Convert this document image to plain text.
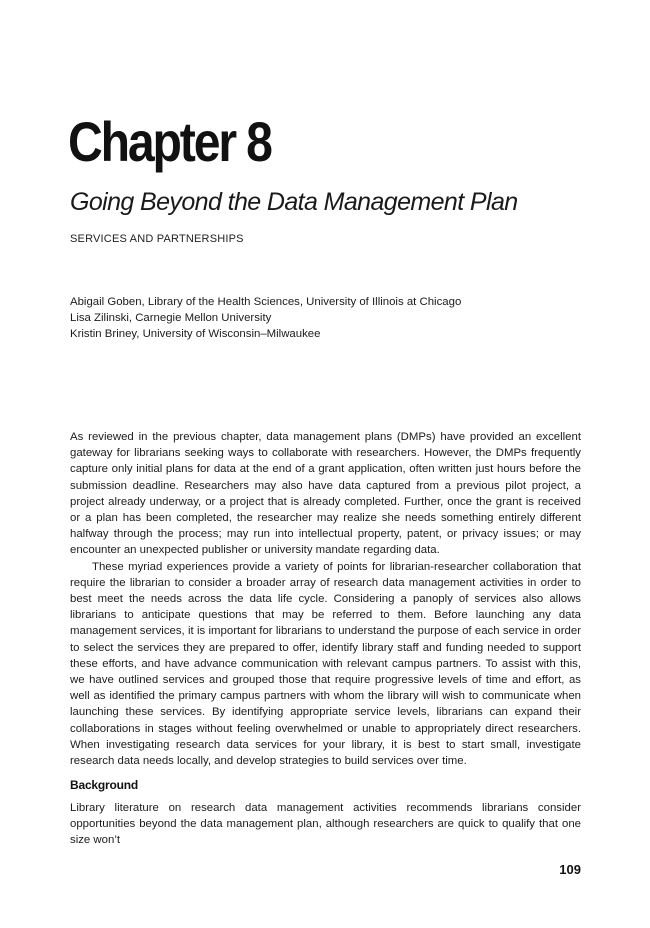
Chapter 8
Going Beyond the Data Management Plan
SERVICES AND PARTNERSHIPS
Abigail Goben, Library of the Health Sciences, University of Illinois at Chicago
Lisa Zilinski, Carnegie Mellon University
Kristin Briney, University of Wisconsin–Milwaukee

As reviewed in the previous chapter, data management plans (DMPs) have provided an excellent gateway for librarians seeking ways to collaborate with researchers. However, the DMPs frequently capture only initial plans for data at the end of a grant application, often written just hours before the submission deadline. Researchers may also have data captured from a previous pilot project, a project already underway, or a project that is already completed. Further, once the grant is received or a plan has been completed, the researcher may realize she needs something entirely different halfway through the process; may run into intellectual property, patent, or privacy issues; or may encounter an unexpected publisher or university mandate regarding data.

These myriad experiences provide a variety of points for librarian-researcher collaboration that require the librarian to consider a broader array of research data management activities in order to best meet the needs across the data life cycle. Considering a panoply of services also allows librarians to anticipate questions that may be referred to them. Before launching any data management services, it is important for librarians to understand the purpose of each service in order to select the services they are prepared to offer, identify library staff and funding needed to support these efforts, and have advance communication with relevant campus partners. To assist with this, we have outlined services and grouped those that require progressive levels of time and effort, as well as identified the primary campus partners with whom the library will wish to communicate when launching these services. By identifying appropriate service levels, librarians can expand their collaborations in stages without feeling overwhelmed or unable to appropriately direct researchers. When investigating research data services for your library, it is best to start small, investigate research data needs locally, and develop strategies to build services over time.

Background

Library literature on research data management activities recommends librarians consider opportunities beyond the data management plan, although researchers are quick to qualify that one size won’t

109
